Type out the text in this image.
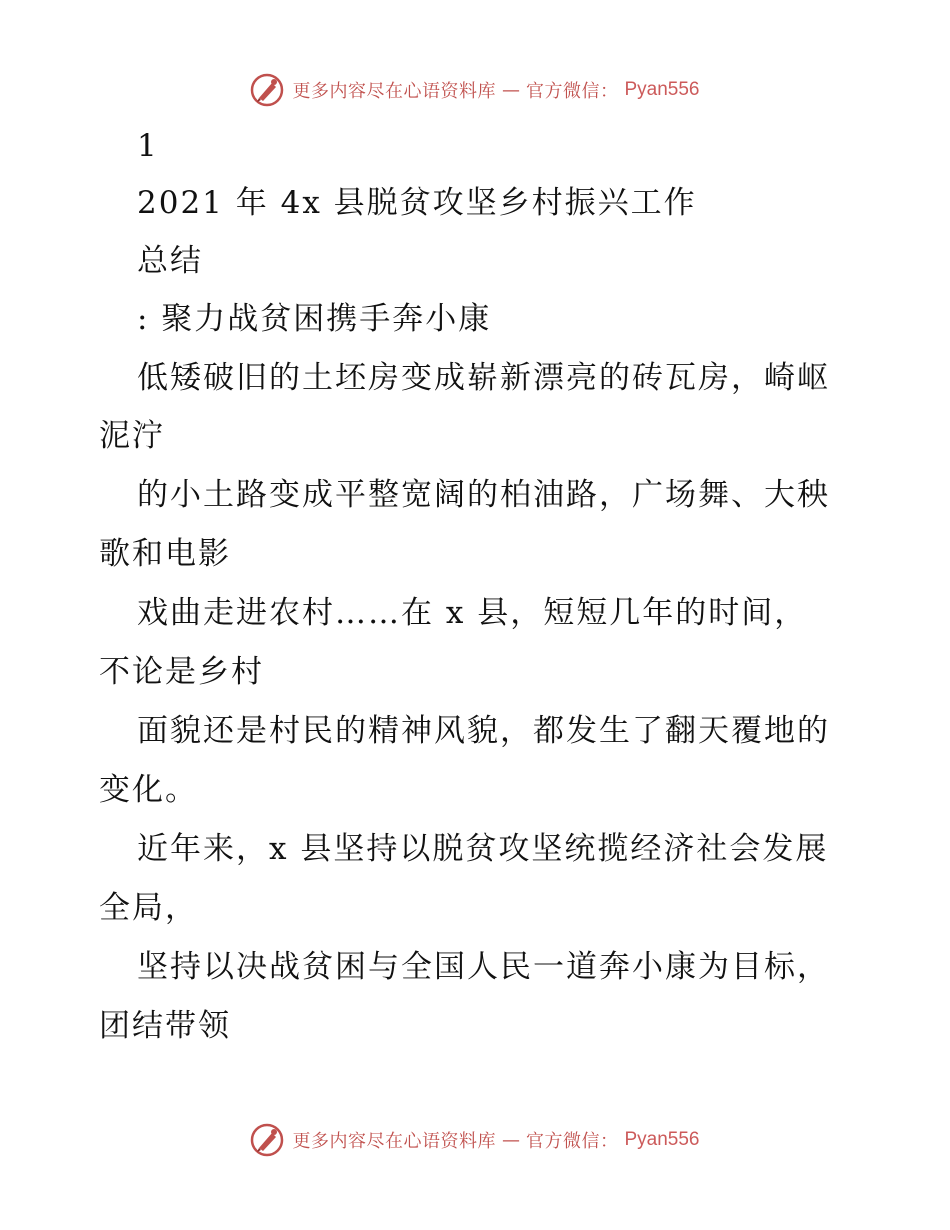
更多内容尽在心语资料库 — 官方微信： Pyan556
1
2021 年 4x 县脱贫攻坚乡村振兴工作
总结
: 聚力战贫困携手奔小康
低矮破旧的土坯房变成崭新漂亮的砖瓦房，崎岖
泥泞
的小土路变成平整宽阔的柏油路，广场舞、大秧
歌和电影
戏曲走进农村……在 x 县，短短几年的时间，
不论是乡村
面貌还是村民的精神风貌，都发生了翻天覆地的
变化。
近年来，x 县坚持以脱贫攻坚统揽经济社会发展
全局，
坚持以决战贫困与全国人民一道奔小康为目标，
团结带领
更多内容尽在心语资料库 — 官方微信： Pyan556
